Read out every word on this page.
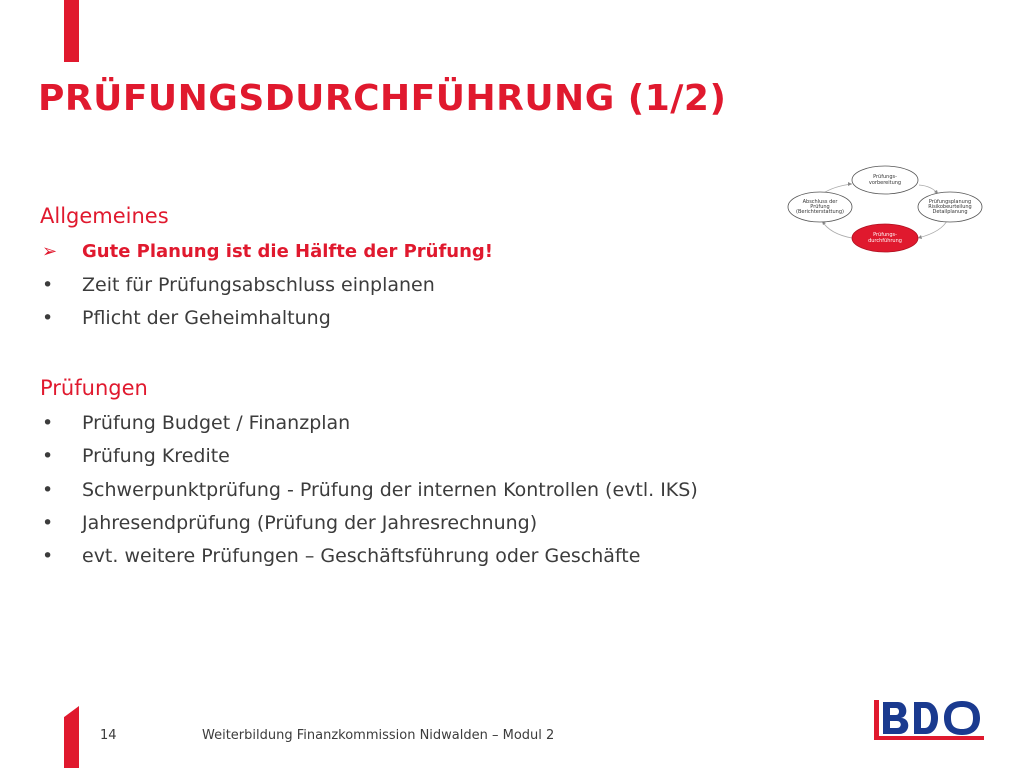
PRÜFUNGSDURCHFÜHRUNG (1/2)
Allgemeines
➢ Gute Planung ist die Hälfte der Prüfung!
•	Zeit für Prüfungsabschluss einplanen
•	Pflicht der Geheimhaltung
Prüfungen
•	Prüfung Budget / Finanzplan
•	Prüfung Kredite
•	Schwerpunktprüfung - Prüfung der internen Kontrollen (evtl. IKS)
•	Jahresendprüfung (Prüfung der Jahresrechnung)
•	evt. weitere Prüfungen – Geschäftsführung oder Geschäfte
Prüfungs-
vorbereitung
Prüfungsplanung
Risikobeurteilung
Detailplanung
Prüfungs-
durchführung
Abschluss der
Prüfung
(Berichterstattung)
14	Weiterbildung Finanzkommission Nidwalden – Modul 2
